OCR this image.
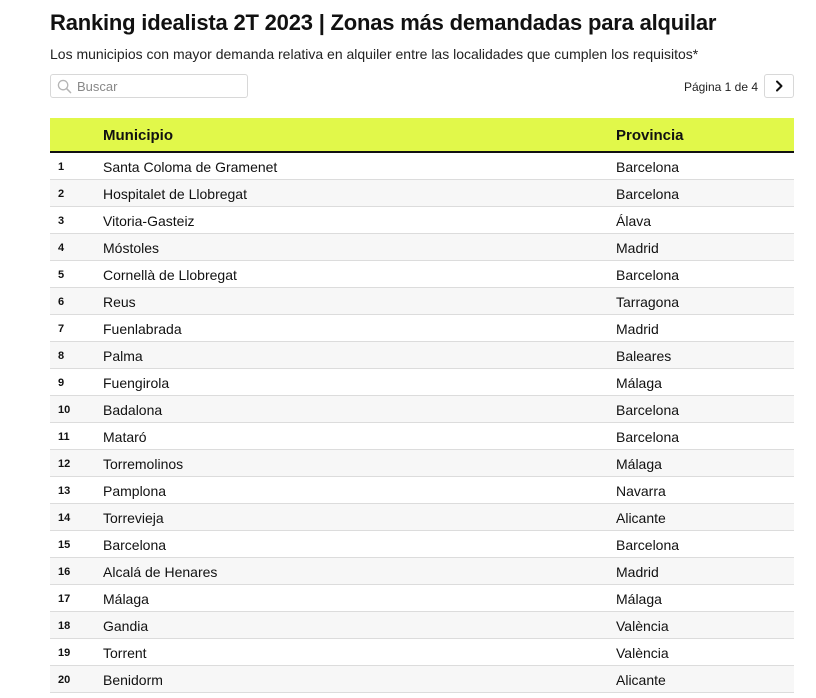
Ranking idealista 2T 2023 | Zonas más demandadas para alquilar
Los municipios con mayor demanda relativa en alquiler entre las localidades que cumplen los requisitos*
Buscar
Página 1 de 4
Municipio	Provincia
1	Santa Coloma de Gramenet	Barcelona
2	Hospitalet de Llobregat	Barcelona
3	Vitoria-Gasteiz	Álava
4	Móstoles	Madrid
5	Cornellà de Llobregat	Barcelona
6	Reus	Tarragona
7	Fuenlabrada	Madrid
8	Palma	Baleares
9	Fuengirola	Málaga
10 Badalona	Barcelona
11 Mataró	Barcelona
12 Torremolinos	Málaga
13 Pamplona	Navarra
14 Torrevieja	Alicante
15 Barcelona	Barcelona
16 Alcalá de Henares	Madrid
17 Málaga	Málaga
18 Gandia	València
19 Torrent	València
20 Benidorm	Alicante
